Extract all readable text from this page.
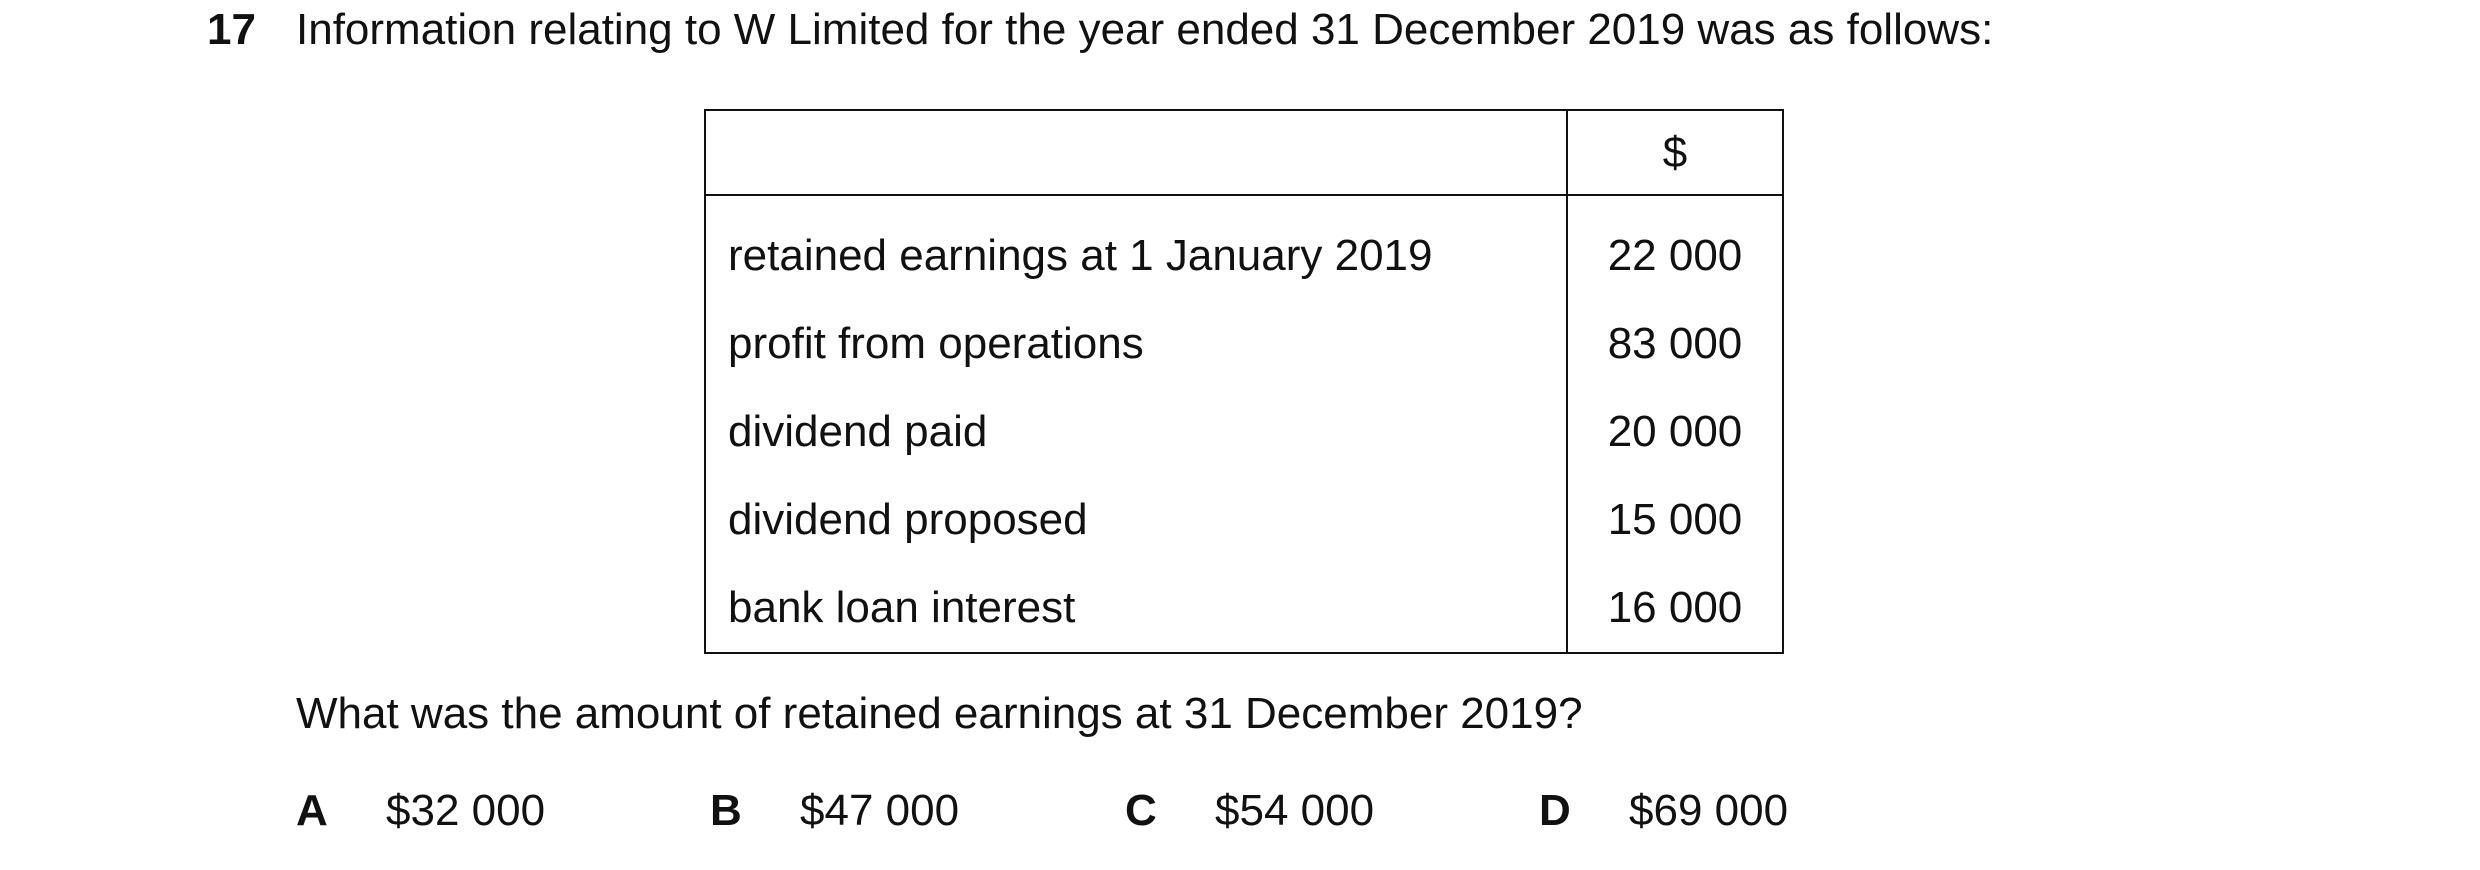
17 Information relating to W Limited for the year ended 31 December 2019 was as follows:
	$
retained earnings at 1 January 2019	22 000
profit from operations	83 000
dividend paid	20 000
dividend proposed	15 000
bank loan interest	16 000
What was the amount of retained earnings at 31 December 2019?
A $32 000	B $47 000	C $54 000	D $69 000
